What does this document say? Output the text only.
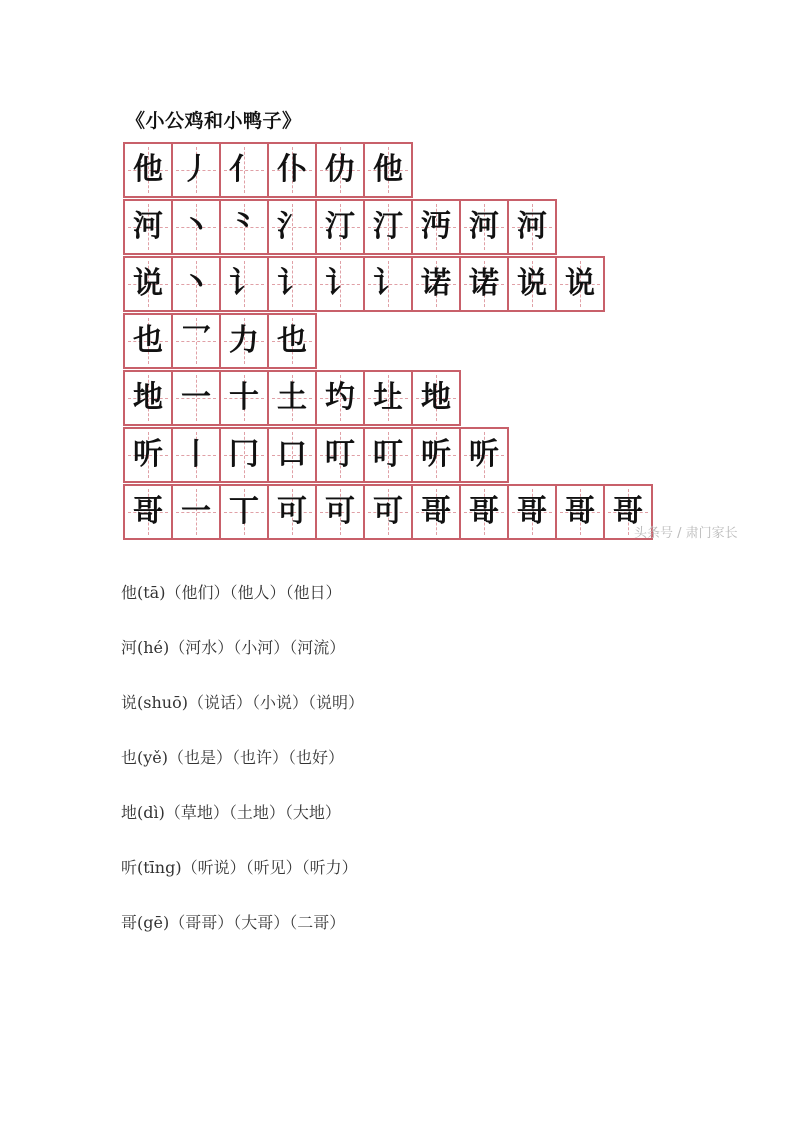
《小公鸡和小鸭子》
他 丿 亻 仆 仂 他
河 丶 ⺀ 氵 汀 汀 沔 河 河
说 丶 讠 讠 讠 讠 诺 诺 说 说
也 乛 力 也
地 一 十 土 圴 圵 地
听 丨 冂 口 叮 叮 听 听
哥 一 丅 可 可 可 哥 哥 哥 哥 哥
头条号 / 肃门家长
他(tā)（他们）（他人）（他日）
河(hé)（河水）（小河）（河流）
说(shuō)（说话）（小说）（说明）
也(yě)（也是）（也许）（也好）
地(dì)（草地）（土地）（大地）
听(tīng)（听说）（听见）（听力）
哥(gē)（哥哥）（大哥）（二哥）
